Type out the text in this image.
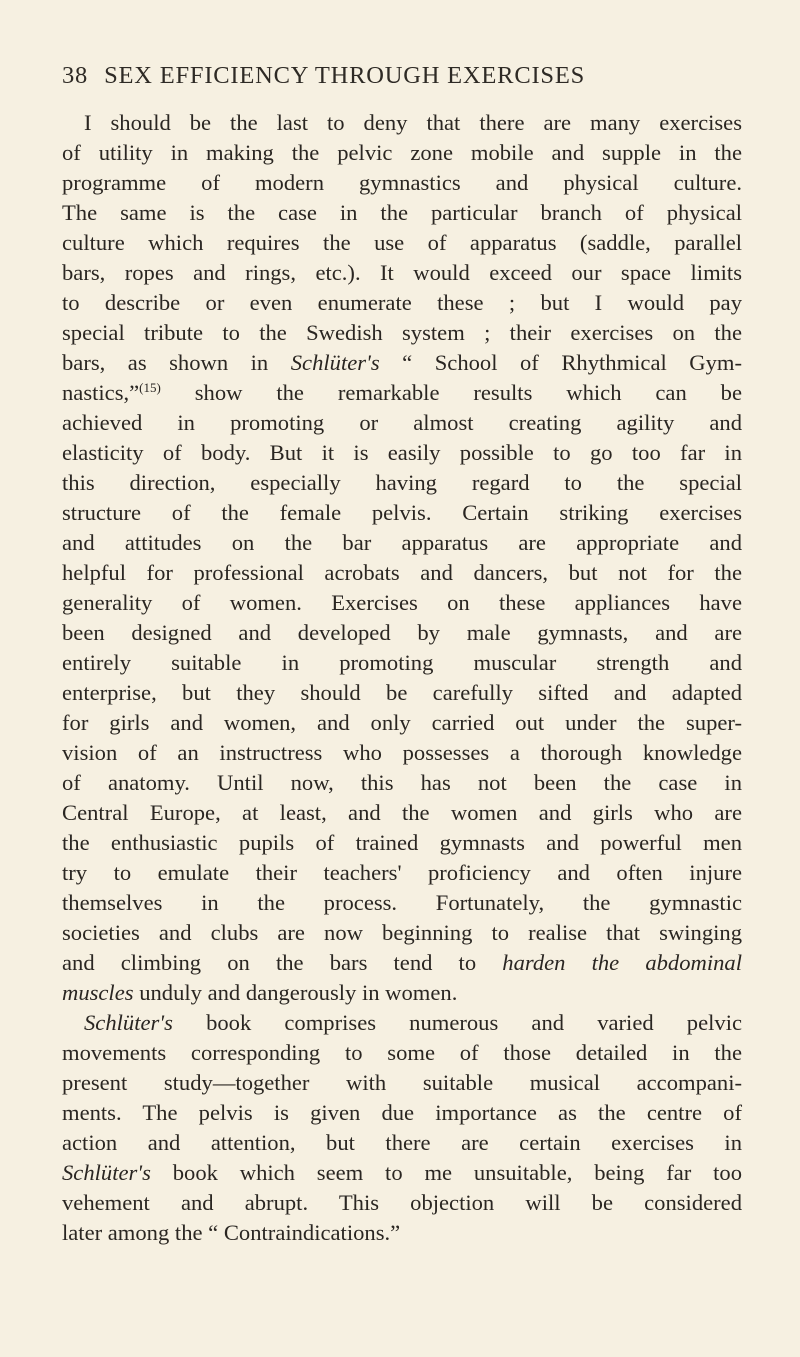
38 SEX EFFICIENCY THROUGH EXERCISES
I should be the last to deny that there are many exercises
of utility in making the pelvic zone mobile and supple in the
programme of modern gymnastics and physical culture.
The same is the case in the particular branch of physical
culture which requires the use of apparatus (saddle, parallel
bars, ropes and rings, etc.). It would exceed our space limits
to describe or even enumerate these ; but I would pay
special tribute to the Swedish system ; their exercises on the
bars, as shown in Schlüter's “ School of Rhythmical Gym-
nastics,”$^{(15)}$ show the remarkable results which can be
achieved in promoting or almost creating agility and
elasticity of body. But it is easily possible to go too far in
this direction, especially having regard to the special
structure of the female pelvis. Certain striking exercises
and attitudes on the bar apparatus are appropriate and
helpful for professional acrobats and dancers, but not for the
generality of women. Exercises on these appliances have
been designed and developed by male gymnasts, and are
entirely suitable in promoting muscular strength and
enterprise, but they should be carefully sifted and adapted
for girls and women, and only carried out under the super-
vision of an instructress who possesses a thorough knowledge
of anatomy. Until now, this has not been the case in
Central Europe, at least, and the women and girls who are
the enthusiastic pupils of trained gymnasts and powerful men
try to emulate their teachers' proficiency and often injure
themselves in the process. Fortunately, the gymnastic
societies and clubs are now beginning to realise that swinging
and climbing on the bars tend to harden the abdominal
muscles unduly and dangerously in women.
Schlüter's book comprises numerous and varied pelvic
movements corresponding to some of those detailed in the
present study—together with suitable musical accompani-
ments. The pelvis is given due importance as the centre of
action and attention, but there are certain exercises in
Schlüter's book which seem to me unsuitable, being far too
vehement and abrupt. This objection will be considered
later among the “ Contraindications.”
